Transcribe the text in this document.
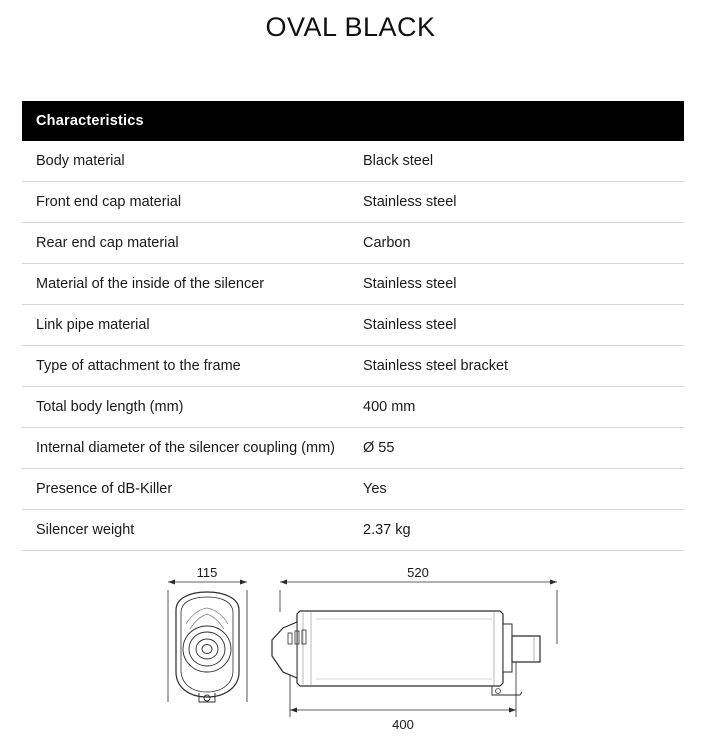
OVAL BLACK
Characteristics	
Body material	Black steel
Front end cap material	Stainless steel
Rear end cap material	Carbon
Material of the inside of the silencer	Stainless steel
Link pipe material	Stainless steel
Type of attachment to the frame	Stainless steel bracket
Total body length (mm)	400 mm
Internal diameter of the silencer coupling (mm)	Ø 55
Presence of dB-Killer	Yes
Silencer weight	2.37 kg
115	520
400
